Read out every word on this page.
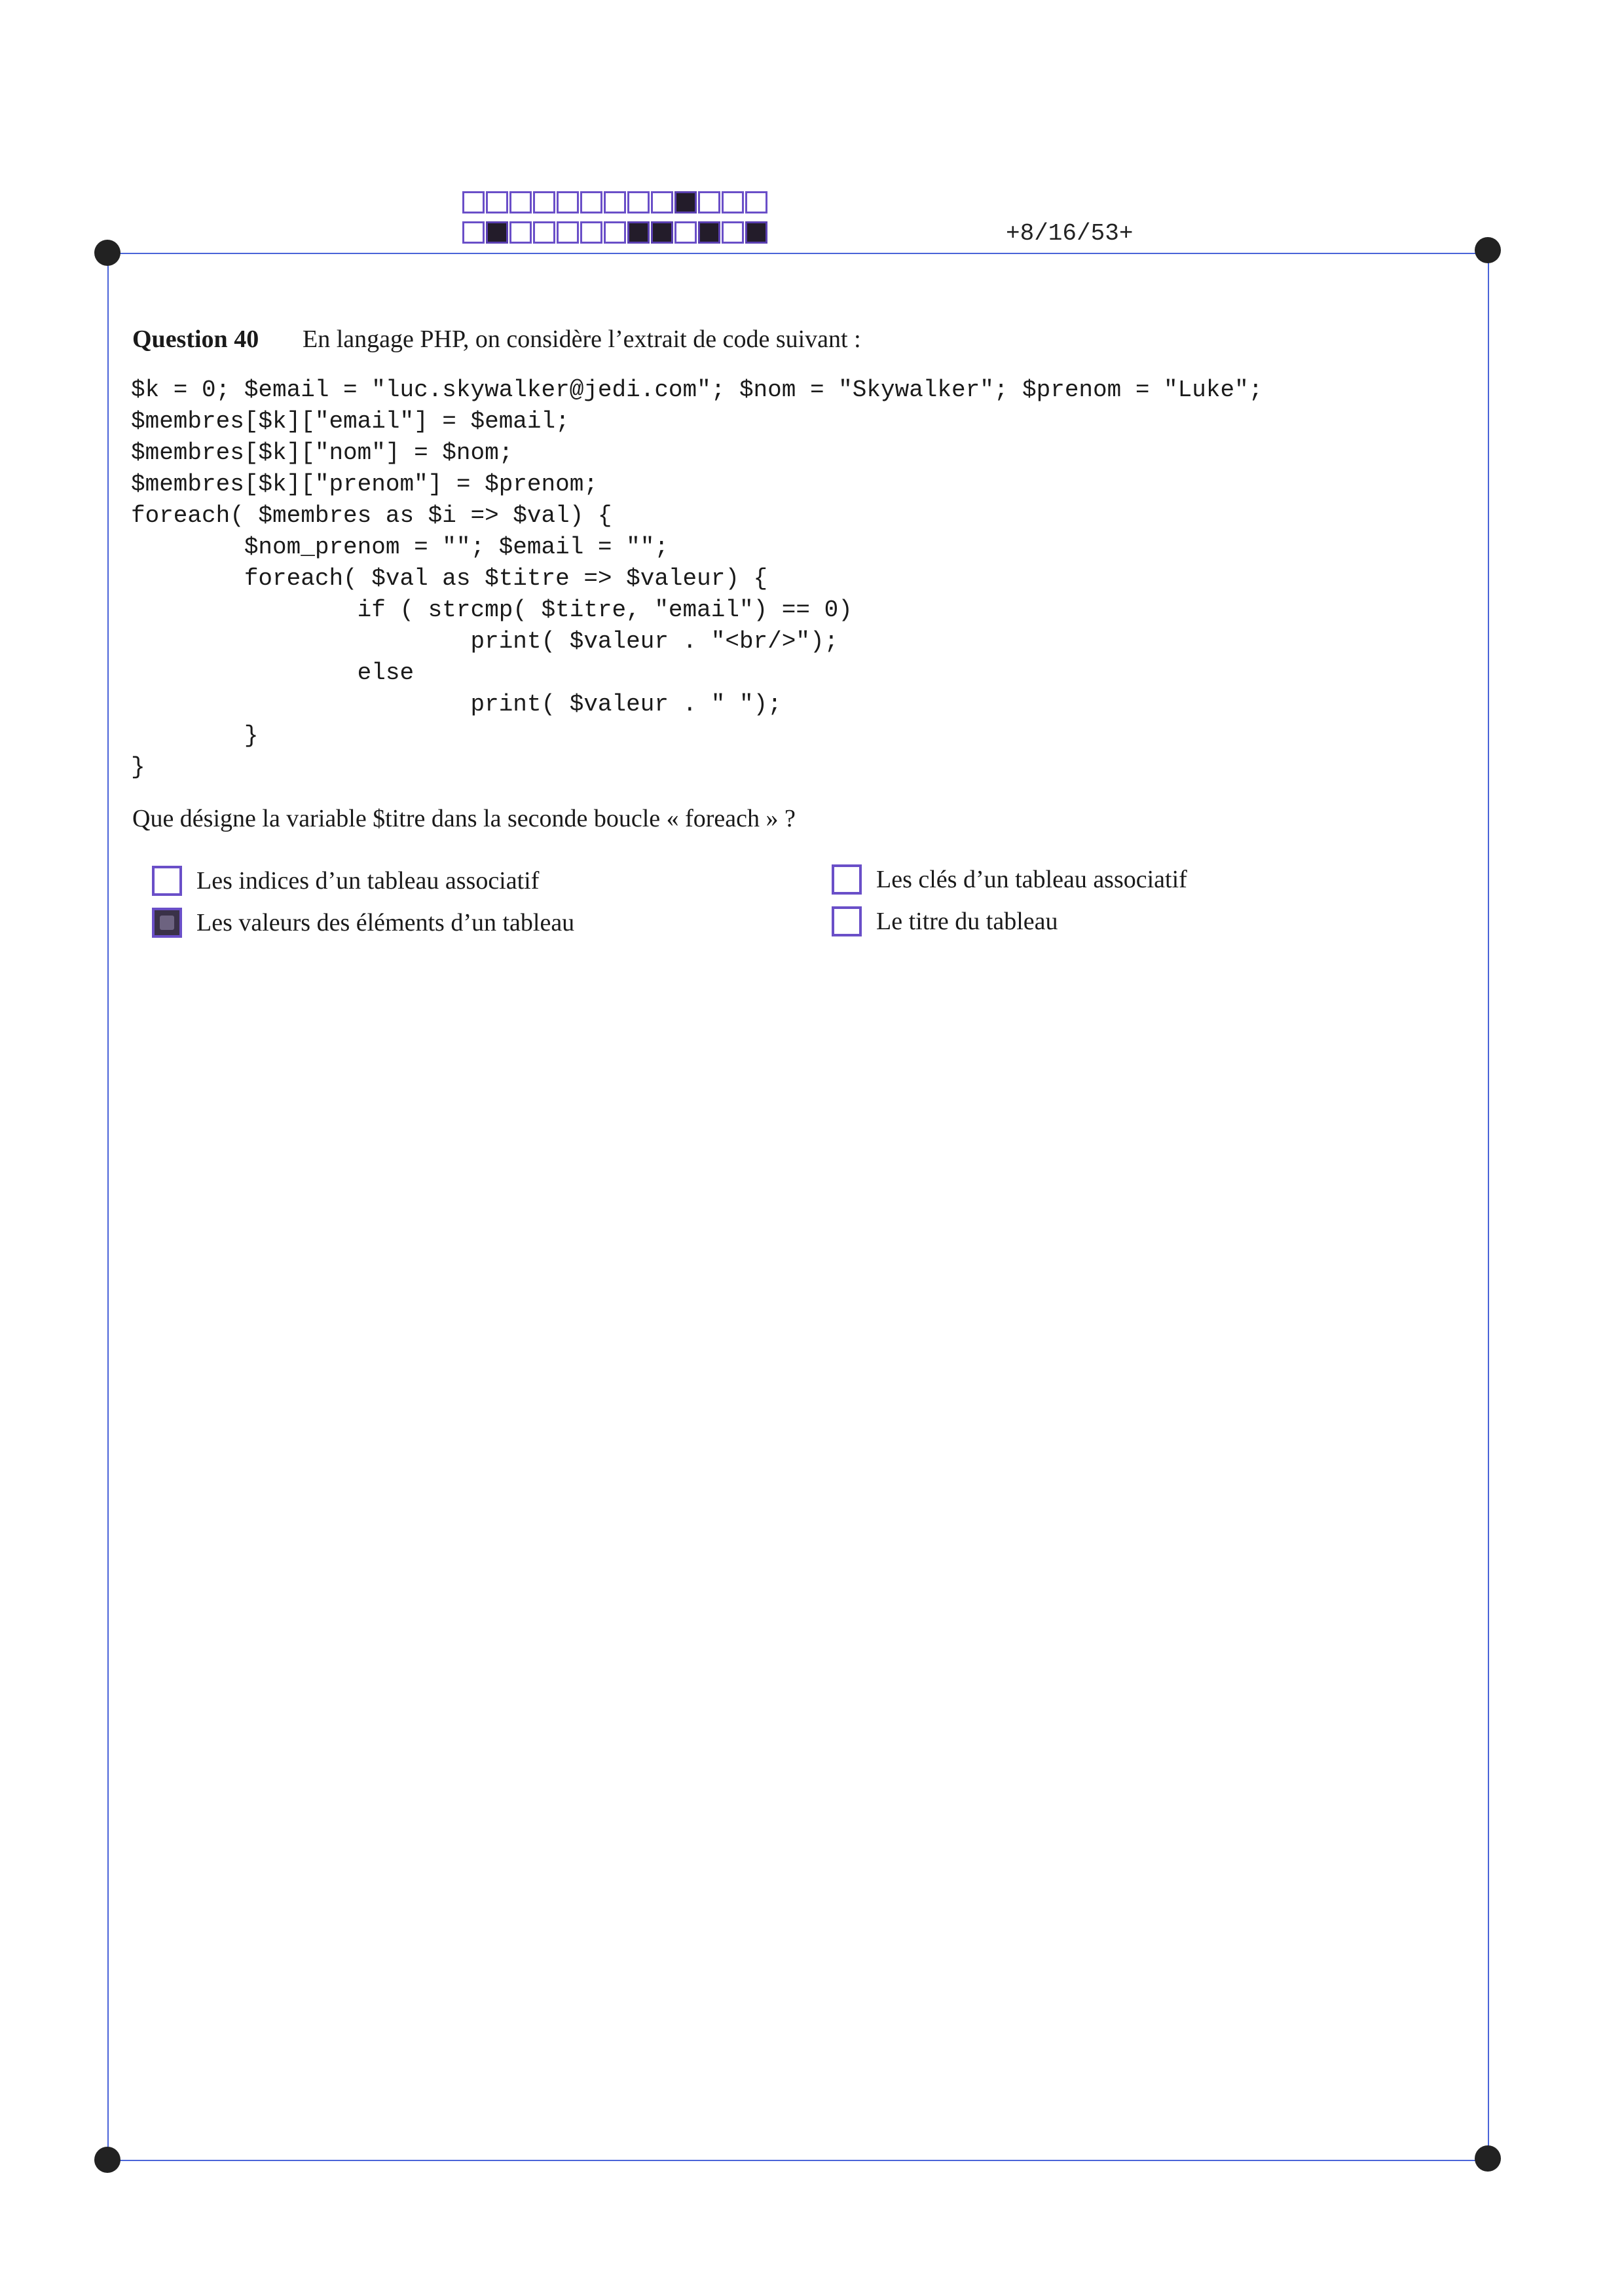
+8/16/53+
Question 40	En langage PHP, on considère l’extrait de code suivant :
$k = 0; $email = "luc.skywalker@jedi.com"; $nom = "Skywalker"; $prenom = "Luke";
$membres[$k]["email"] = $email;
$membres[$k]["nom"] = $nom;
$membres[$k]["prenom"] = $prenom;
foreach( $membres as $i => $val) {
$nom_prenom = ""; $email = "";
foreach( $val as $titre => $valeur) {
if ( strcmp( $titre, "email") == 0)
print( $valeur . "<br/>");
else
print( $valeur . " ");
}
}
Que désigne la variable $titre dans la seconde boucle « foreach » ?
Les indices d’un tableau associatif	Les clés d’un tableau associatif
Les valeurs des éléments d’un tableau	Le titre du tableau
